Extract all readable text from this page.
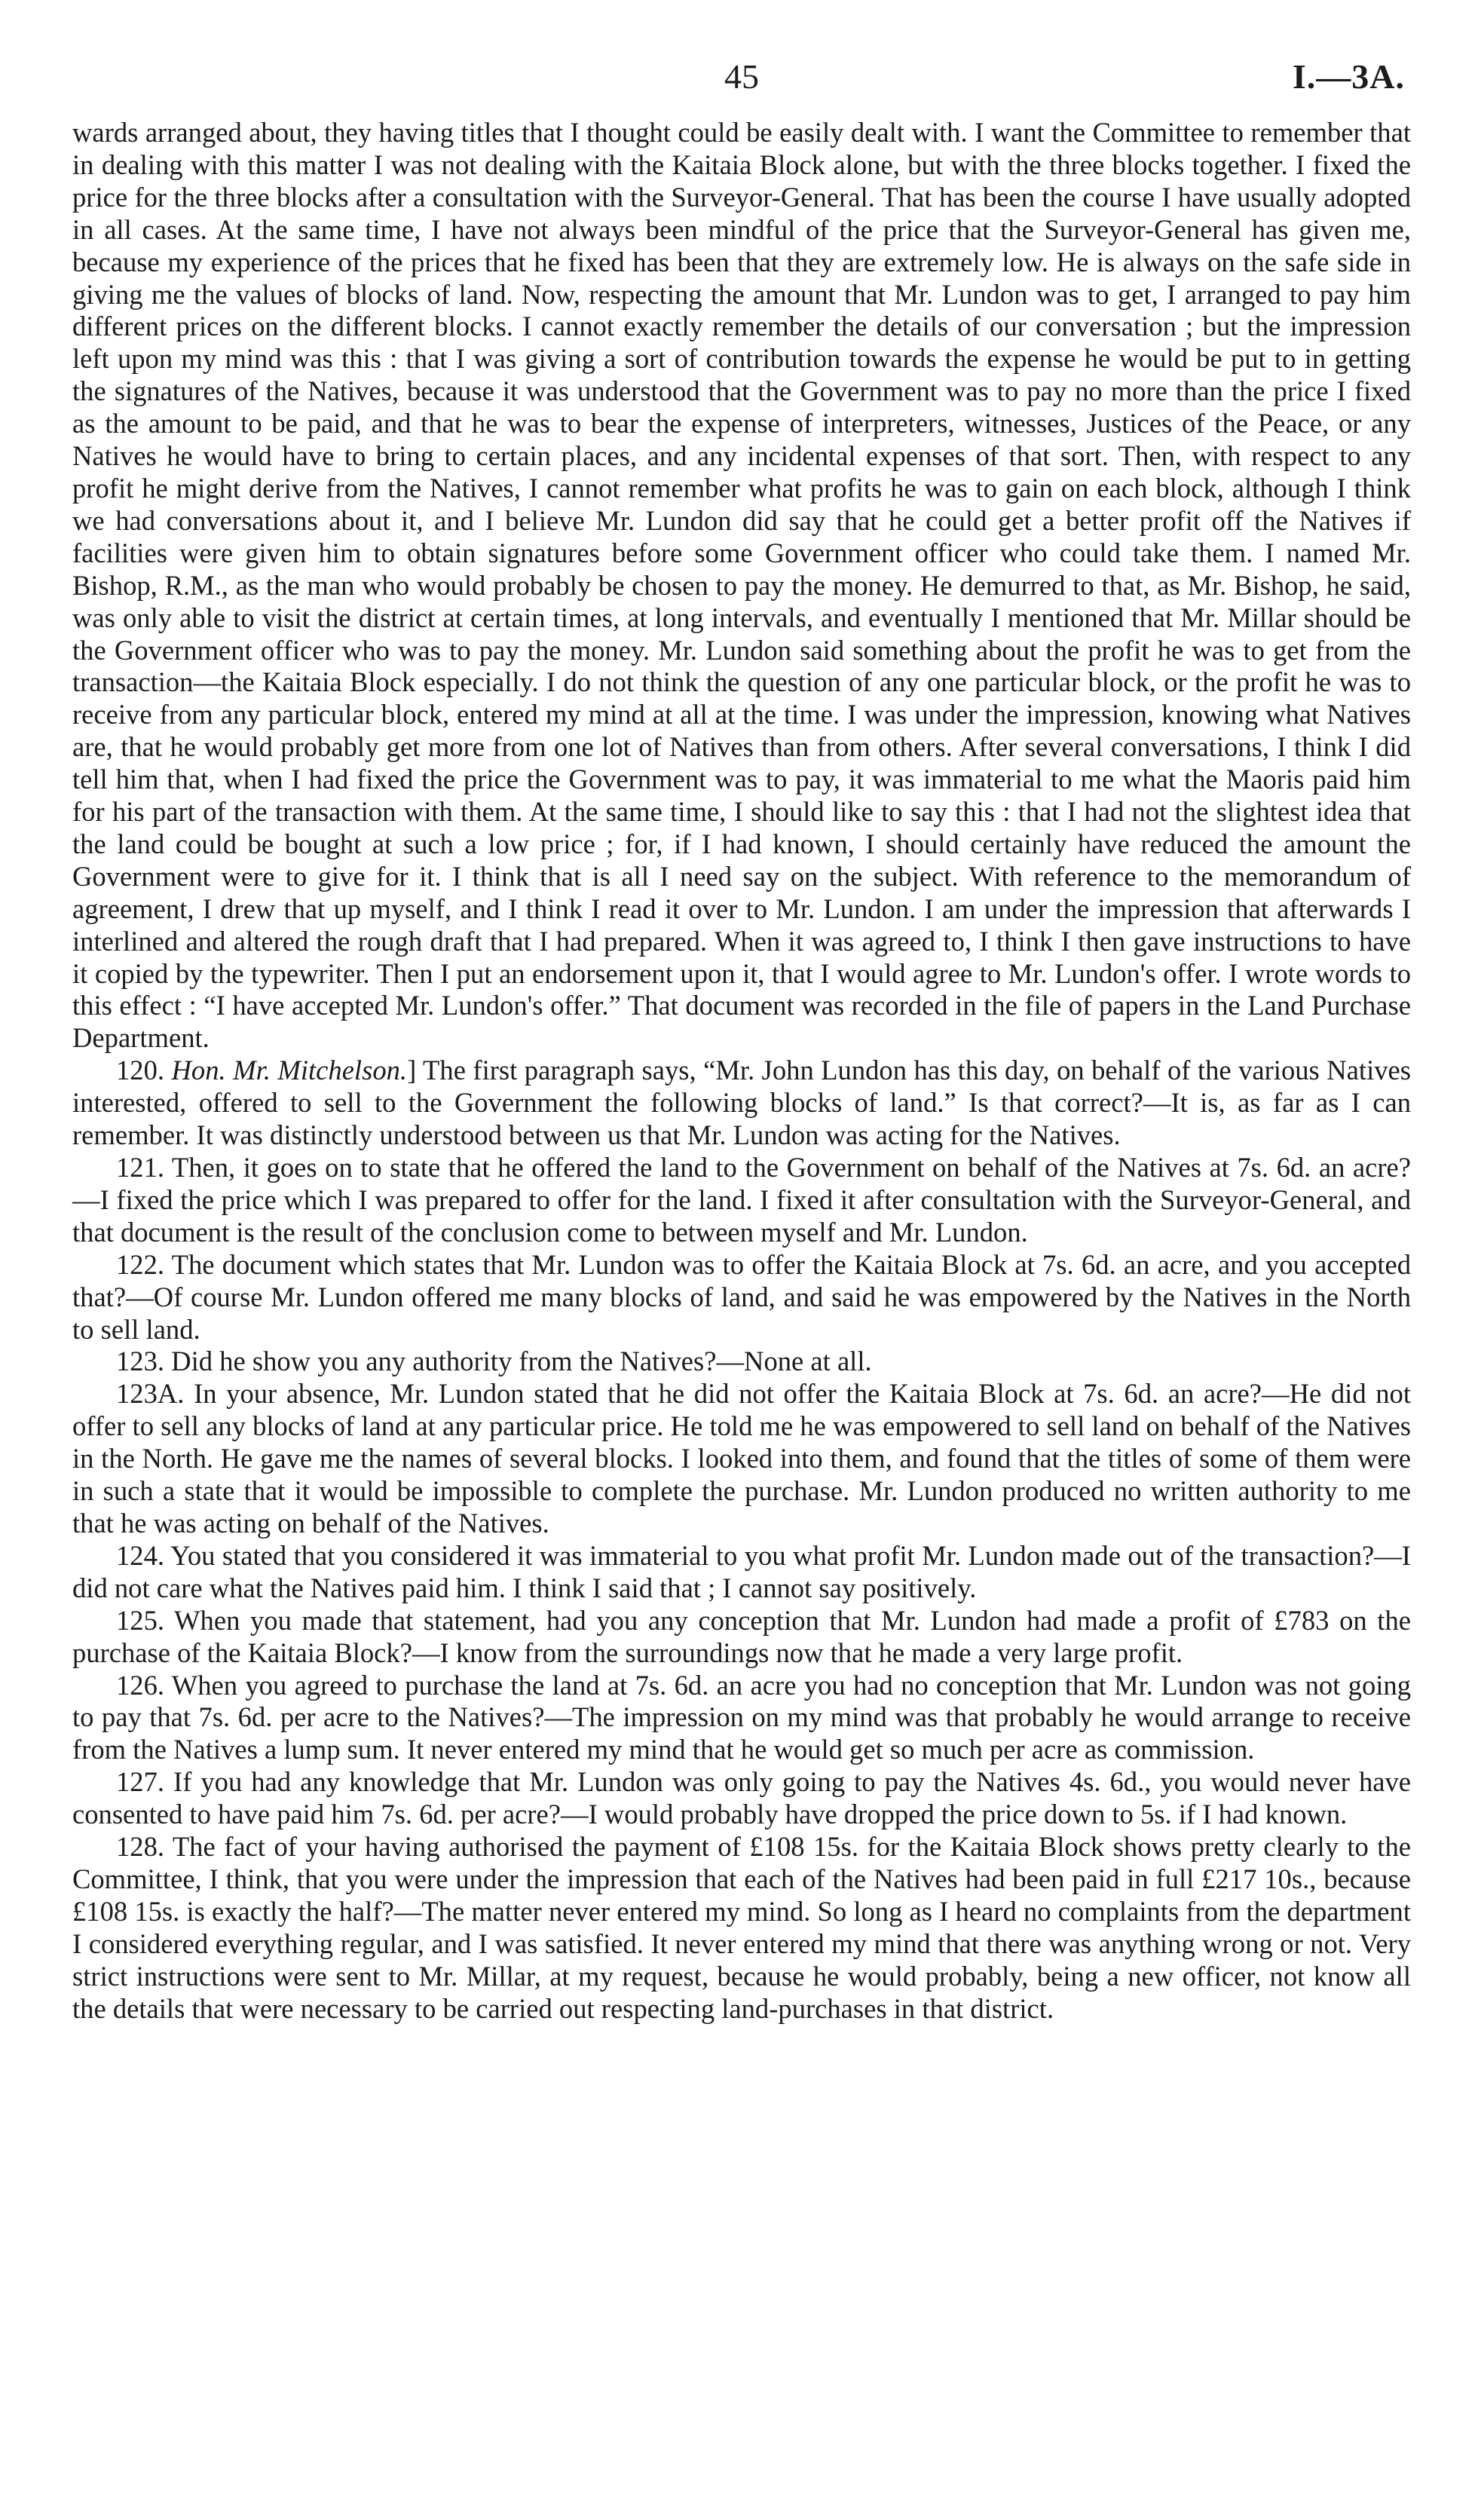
45	I.—3A.

wards arranged about, they having titles that I thought could be easily dealt with. I want the Committee to remember that in dealing with this matter I was not dealing with the Kaitaia Block alone, but with the three blocks together. I fixed the price for the three blocks after a consultation with the Surveyor-General. That has been the course I have usually adopted in all cases. At the same time, I have not always been mindful of the price that the Surveyor-General has given me, because my experience of the prices that he fixed has been that they are extremely low. He is always on the safe side in giving me the values of blocks of land. Now, respecting the amount that Mr. Lundon was to get, I arranged to pay him different prices on the different blocks. I cannot exactly remember the details of our conversation ; but the impression left upon my mind was this : that I was giving a sort of contribution towards the expense he would be put to in getting the signatures of the Natives, because it was understood that the Government was to pay no more than the price I fixed as the amount to be paid, and that he was to bear the expense of interpreters, witnesses, Justices of the Peace, or any Natives he would have to bring to certain places, and any incidental expenses of that sort. Then, with respect to any profit he might derive from the Natives, I cannot remember what profits he was to gain on each block, although I think we had conversations about it, and I believe Mr. Lundon did say that he could get a better profit off the Natives if facilities were given him to obtain signatures before some Government officer who could take them. I named Mr. Bishop, R.M., as the man who would probably be chosen to pay the money. He demurred to that, as Mr. Bishop, he said, was only able to visit the district at certain times, at long intervals, and eventually I mentioned that Mr. Millar should be the Government officer who was to pay the money. Mr. Lundon said something about the profit he was to get from the transaction—the Kaitaia Block especially. I do not think the question of any one particular block, or the profit he was to receive from any particular block, entered my mind at all at the time. I was under the impression, knowing what Natives are, that he would probably get more from one lot of Natives than from others. After several conversations, I think I did tell him that, when I had fixed the price the Government was to pay, it was immaterial to me what the Maoris paid him for his part of the transaction with them. At the same time, I should like to say this : that I had not the slightest idea that the land could be bought at such a low price ; for, if I had known, I should certainly have reduced the amount the Government were to give for it. I think that is all I need say on the subject. With reference to the memorandum of agreement, I drew that up myself, and I think I read it over to Mr. Lundon. I am under the impression that afterwards I interlined and altered the rough draft that I had prepared. When it was agreed to, I think I then gave instructions to have it copied by the typewriter. Then I put an endorsement upon it, that I would agree to Mr. Lundon's offer. I wrote words to this effect : “I have accepted Mr. Lundon's offer.” That document was recorded in the file of papers in the Land Purchase Department.

120. Hon. Mr. Mitchelson.] The first paragraph says, “Mr. John Lundon has this day, on behalf of the various Natives interested, offered to sell to the Government the following blocks of land.” Is that correct?—It is, as far as I can remember. It was distinctly understood between us that Mr. Lundon was acting for the Natives.

121. Then, it goes on to state that he offered the land to the Government on behalf of the Natives at 7s. 6d. an acre?—I fixed the price which I was prepared to offer for the land. I fixed it after consultation with the Surveyor-General, and that document is the result of the conclusion come to between myself and Mr. Lundon.

122. The document which states that Mr. Lundon was to offer the Kaitaia Block at 7s. 6d. an acre, and you accepted that?—Of course Mr. Lundon offered me many blocks of land, and said he was empowered by the Natives in the North to sell land.

123. Did he show you any authority from the Natives?—None at all.

123A. In your absence, Mr. Lundon stated that he did not offer the Kaitaia Block at 7s. 6d. an acre?—He did not offer to sell any blocks of land at any particular price. He told me he was empowered to sell land on behalf of the Natives in the North. He gave me the names of several blocks. I looked into them, and found that the titles of some of them were in such a state that it would be impossible to complete the purchase. Mr. Lundon produced no written authority to me that he was acting on behalf of the Natives.

124. You stated that you considered it was immaterial to you what profit Mr. Lundon made out of the transaction?—I did not care what the Natives paid him. I think I said that ; I cannot say positively.

125. When you made that statement, had you any conception that Mr. Lundon had made a profit of £783 on the purchase of the Kaitaia Block?—I know from the surroundings now that he made a very large profit.

126. When you agreed to purchase the land at 7s. 6d. an acre you had no conception that Mr. Lundon was not going to pay that 7s. 6d. per acre to the Natives?—The impression on my mind was that probably he would arrange to receive from the Natives a lump sum. It never entered my mind that he would get so much per acre as commission.

127. If you had any knowledge that Mr. Lundon was only going to pay the Natives 4s. 6d., you would never have consented to have paid him 7s. 6d. per acre?—I would probably have dropped the price down to 5s. if I had known.

128. The fact of your having authorised the payment of £108 15s. for the Kaitaia Block shows pretty clearly to the Committee, I think, that you were under the impression that each of the Natives had been paid in full £217 10s., because £108 15s. is exactly the half?—The matter never entered my mind. So long as I heard no complaints from the department I considered everything regular, and I was satisfied. It never entered my mind that there was anything wrong or not. Very strict instructions were sent to Mr. Millar, at my request, because he would probably, being a new officer, not know all the details that were necessary to be carried out respecting land-purchases in that district.
